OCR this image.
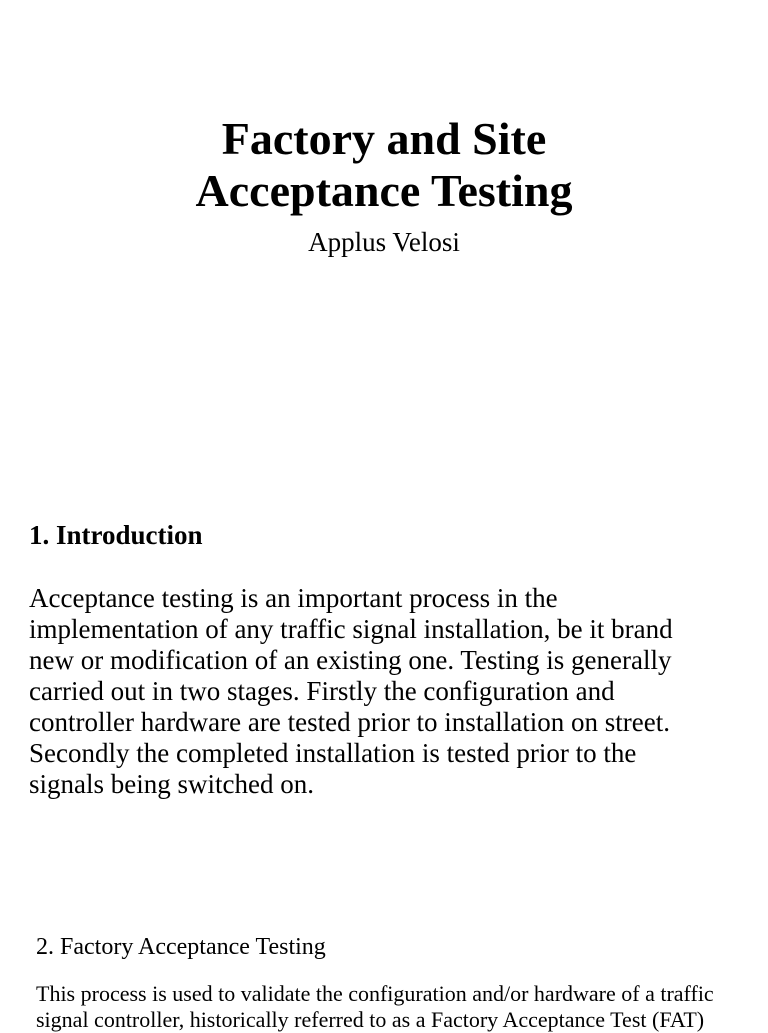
Factory and Site
Acceptance Testing
Applus Velosi
1. Introduction
Acceptance testing is an important process in the
implementation of any traffic signal installation, be it brand
new or modification of an existing one. Testing is generally
carried out in two stages. Firstly the configuration and
controller hardware are tested prior to installation on street.
Secondly the completed installation is tested prior to the
signals being switched on.
2. Factory Acceptance Testing
This process is used to validate the configuration and/or hardware of a traffic
signal controller, historically referred to as a Factory Acceptance Test (FAT)
